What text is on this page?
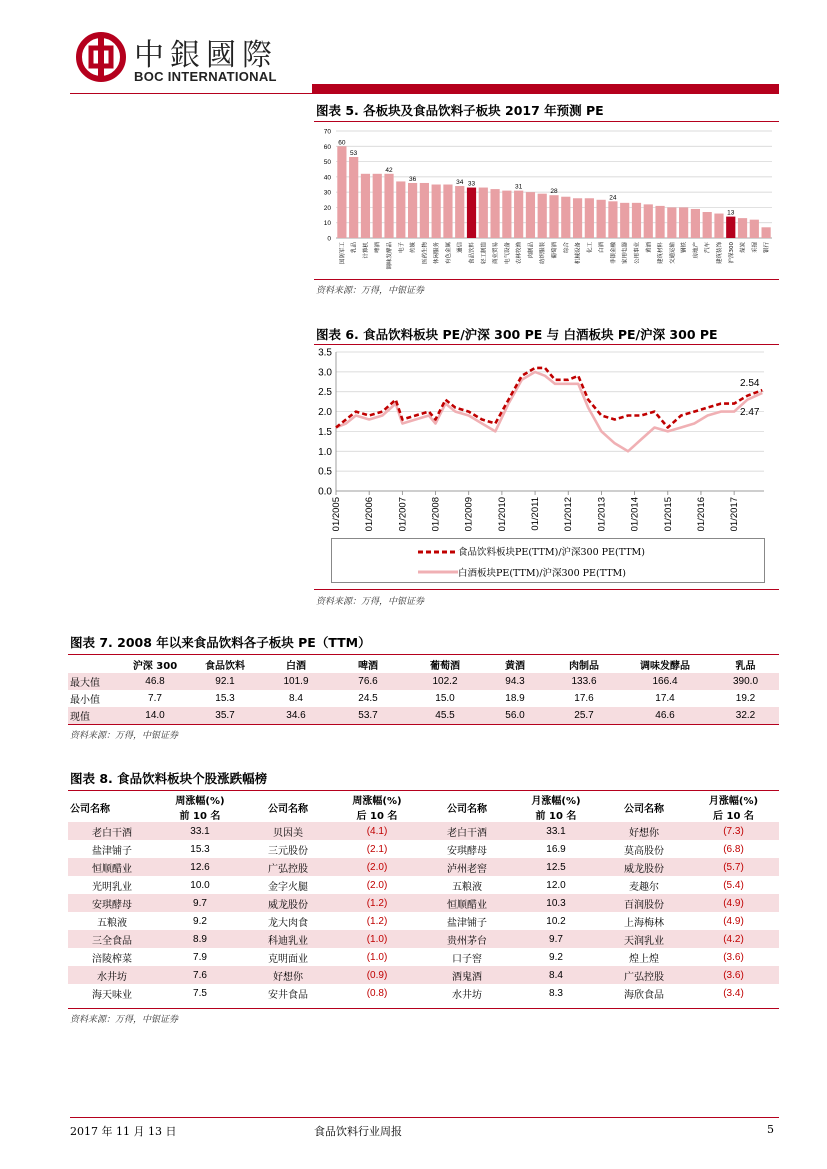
中銀國際
BOC INTERNATIONAL
图表 5. 各板块及食品饮料子板块 2017 年预测 PE
0
10
20
30
40
50
60
70
60
国防军工
53
乳品	计算机	啤酒
42
调味发酵品	电子
36
传媒	医药生物	休闲服务	有色金属
34
通信
33
食品饮料	轻工制造	商业贸易	电气设备
31
农林牧渔	肉制品	纺织服装
28
葡萄酒	综合	机械设备	化工	白酒
24
非银金融	家用电器	公用事业	黄酒	建筑材料	交通运输	钢铁	房地产	汽车	建筑装饰
13
沪深300	煤炭	采掘	银行
资料来源：万得，中银证券
图表 6. 食品饮料板块 PE/沪深 300 PE 与 白酒板块 PE/沪深 300 PE
0.0
0.5
1.0
1.5
2.0
2.5
3.0
3.5
01/2005 01/2006 01/2007 01/2008 01/2009 01/2010 01/2011 01/2012 01/2013 01/2014 01/2015 01/2016 01/2017
2.54
2.47
食品饮料板块PE(TTM)/沪深300 PE(TTM)
白酒板块PE(TTM)/沪深300 PE(TTM)
资料来源：万得，中银证券
图表 7. 2008 年以来食品饮料各子板块 PE（TTM）
	沪深 300	食品饮料	白酒	啤酒	葡萄酒	黄酒	肉制品	调味发酵品	乳品
最大值	46.8	92.1	101.9	76.6	102.2	94.3	133.6	166.4	390.0
最小值	7.7	15.3	8.4	24.5	15.0	18.9	17.6	17.4	19.2
现值	14.0	35.7	34.6	53.7	45.5	56.0	25.7	46.6	32.2
资料来源：万得，中银证券
图表 8. 食品饮料板块个股涨跌幅榜
公司名称	周涨幅(%)	公司名称	周涨幅(%)	公司名称	月涨幅(%)	公司名称	月涨幅(%)
	前 10 名		后 10 名		前 10 名		后 10 名
老白干酒	33.1	贝因美	(4.1)	老白干酒	33.1	好想你	(7.3)
盐津铺子	15.3	三元股份	(2.1)	安琪酵母	16.9	莫高股份	(6.8)
恒顺醋业	12.6	广弘控股	(2.0)	泸州老窖	12.5	威龙股份	(5.7)
光明乳业	10.0	金字火腿	(2.0)	五粮液	12.0	麦趣尔	(5.4)
安琪酵母	9.7	威龙股份	(1.2)	恒顺醋业	10.3	百润股份	(4.9)
五粮液	9.2	龙大肉食	(1.2)	盐津铺子	10.2	上海梅林	(4.9)
三全食品	8.9	科迪乳业	(1.0)	贵州茅台	9.7	天润乳业	(4.2)
涪陵榨菜	7.9	克明面业	(1.0)	口子窖	9.2	煌上煌	(3.6)
水井坊	7.6	好想你	(0.9)	酒鬼酒	8.4	广弘控股	(3.6)
海天味业	7.5	安井食品	(0.8)	水井坊	8.3	海欣食品	(3.4)
资料来源：万得，中银证券
2017 年 11 月 13 日	食品饮料行业周报	5
